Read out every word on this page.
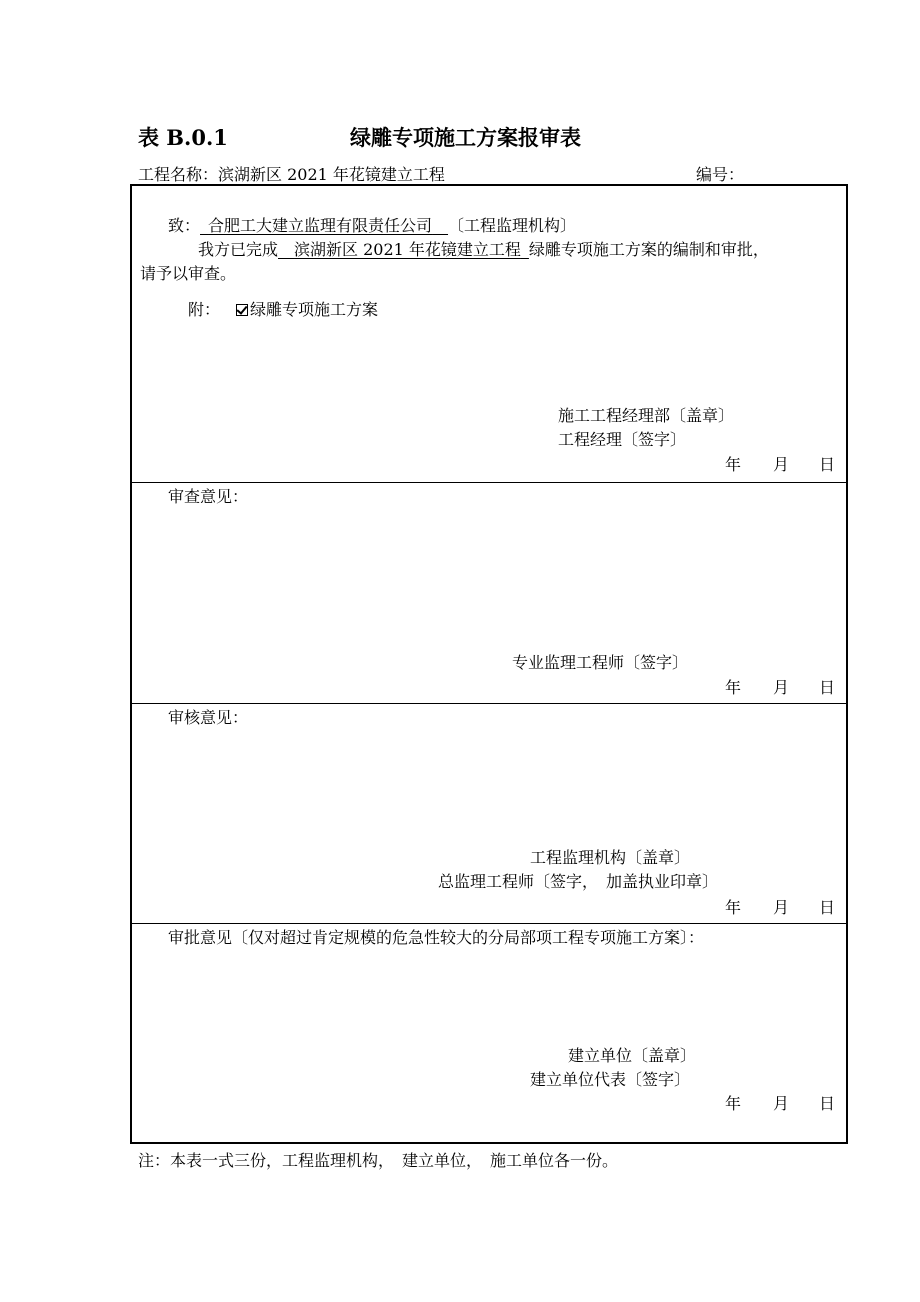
表 B.0.1	绿雕专项施工方案报审表
工程名称：滨湖新区 2021 年花镜建立工程	编号：
致：  合肥工大建立监理有限责任公司   〔工程监理机构〕
我方已完成   滨湖新区 2021 年花镜建立工程  绿雕专项施工方案的编制和审批，
请予以审查。
附：  绿雕专项施工方案
施工工程经理部〔盖章〕
工程经理〔签字〕
年 月 日
审查意见：
专业监理工程师〔签字〕
年 月 日
审核意见：
工程监理机构〔盖章〕
总监理工程师〔签字，　加盖执业印章〕
年 月 日
审批意见〔仅对超过肯定规模的危急性较大的分局部项工程专项施工方案〕：
建立单位〔盖章〕
建立单位代表〔签字〕
年 月 日
注：本表一式三份，工程监理机构，　建立单位，　施工单位各一份。
